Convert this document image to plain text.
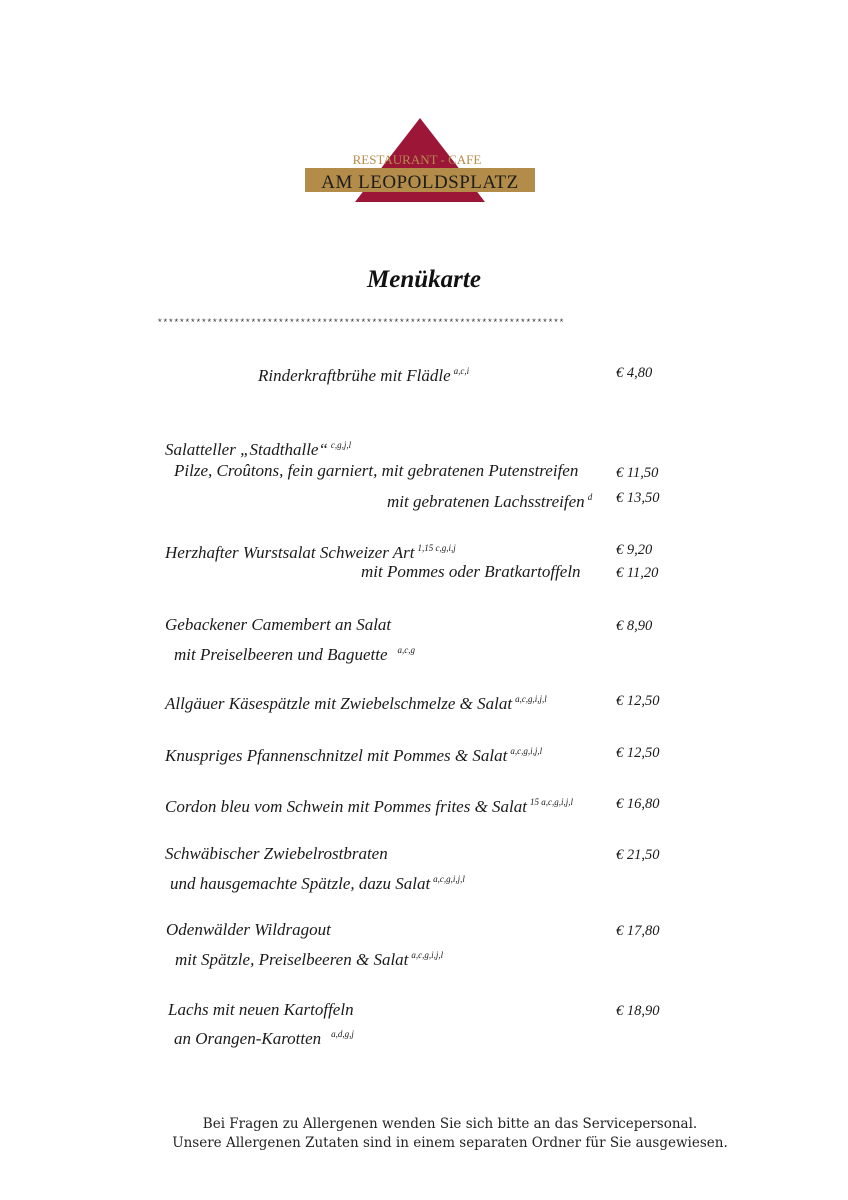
RESTAURANT - CAFE
AM LEOPOLDSPLATZ
Menükarte
**************************************************************************
Rinderkraftbrühe mit Flädle $^{a,c,i}$	€ 4,80
Salatteller „Stadthalle“ $^{c,g,j,l}$
Pilze, Croûtons, fein garniert, mit gebratenen Putenstreifen	€ 11,50
mit gebratenen Lachsstreifen $^d$ € 13,50
Herzhafter Wurstsalat Schweizer Art $^{1,15 c,g,i,j}$	€ 9,20
mit Pommes oder Bratkartoffeln € 11,20
Gebackener Camembert an Salat	€ 8,90
mit Preiselbeeren und Baguette $^{a,c,g}$
Allgäuer Käsespätzle mit Zwiebelschmelze & Salat $^{a,c,g,i,j,l}$	€ 12,50
Knuspriges Pfannenschnitzel mit Pommes & Salat $^{a,c,g,i,j,l}$	€ 12,50
Cordon bleu vom Schwein mit Pommes frites & Salat $^{15 a,c,g,i,j,l}$	€ 16,80
Schwäbischer Zwiebelrostbraten	€ 21,50
und hausgemachte Spätzle, dazu Salat $^{a,c,g,i,j,l}$
Odenwälder Wildragout	€ 17,80
mit Spätzle, Preiselbeeren & Salat $^{a,c,g,i,j,l}$
Lachs mit neuen Kartoffeln	€ 18,90
an Orangen-Karotten $^{a,d,g,j}$
Bei Fragen zu Allergenen wenden Sie sich bitte an das Servicepersonal.
Unsere Allergenen Zutaten sind in einem separaten Ordner für Sie ausgewiesen.
